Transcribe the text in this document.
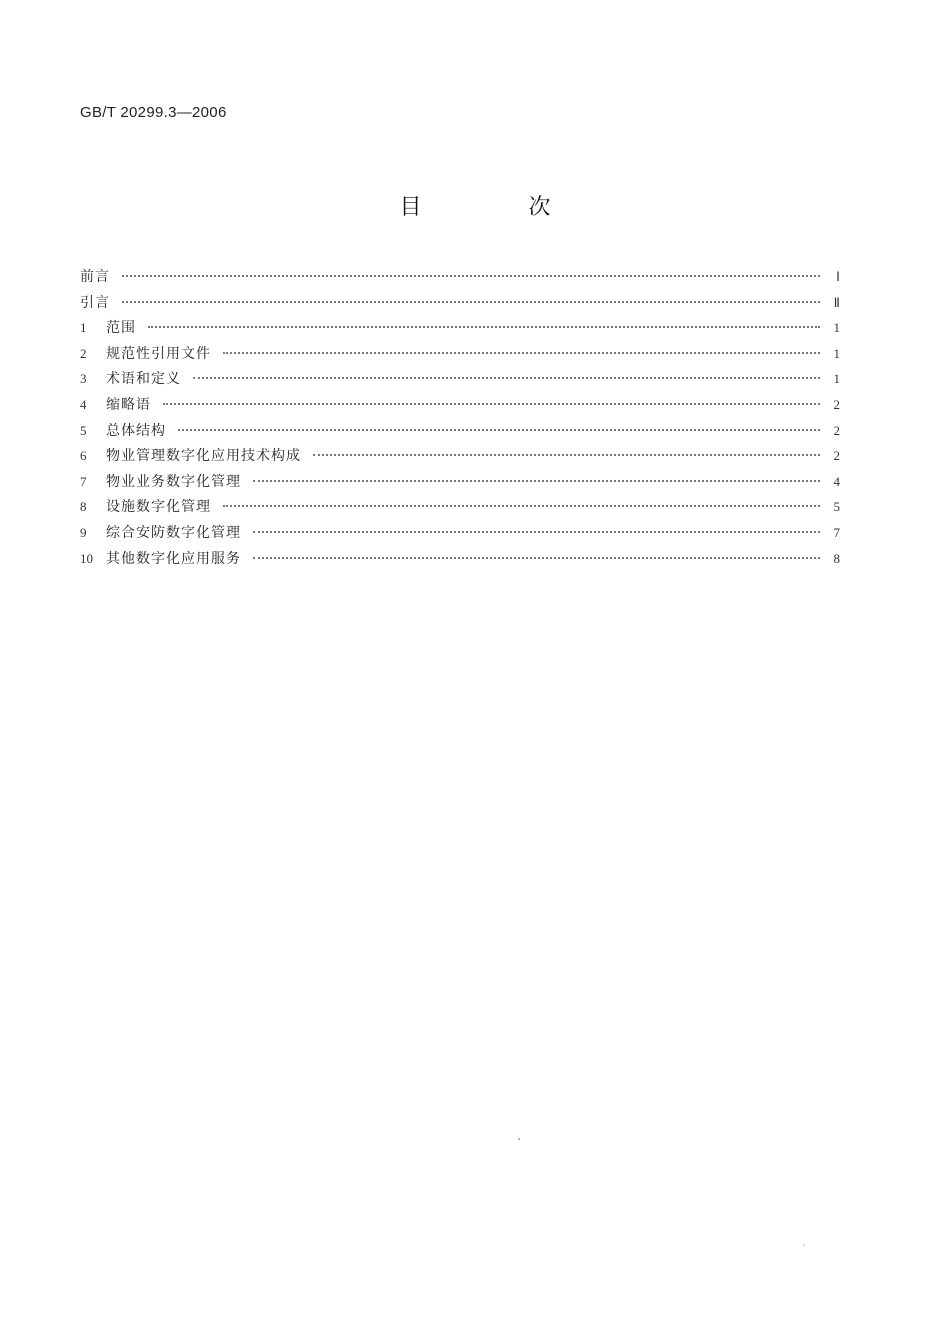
GB/T 20299.3—2006
目 次
前言	Ⅰ
引言	Ⅱ
1	范围	1
2	规范性引用文件	1
3	术语和定义	1
4	缩略语	2
5	总体结构	2
6	物业管理数字化应用技术构成	2
7	物业业务数字化管理	4
8	设施数字化管理	5
9	综合安防数字化管理	7
10 其他数字化应用服务	8
